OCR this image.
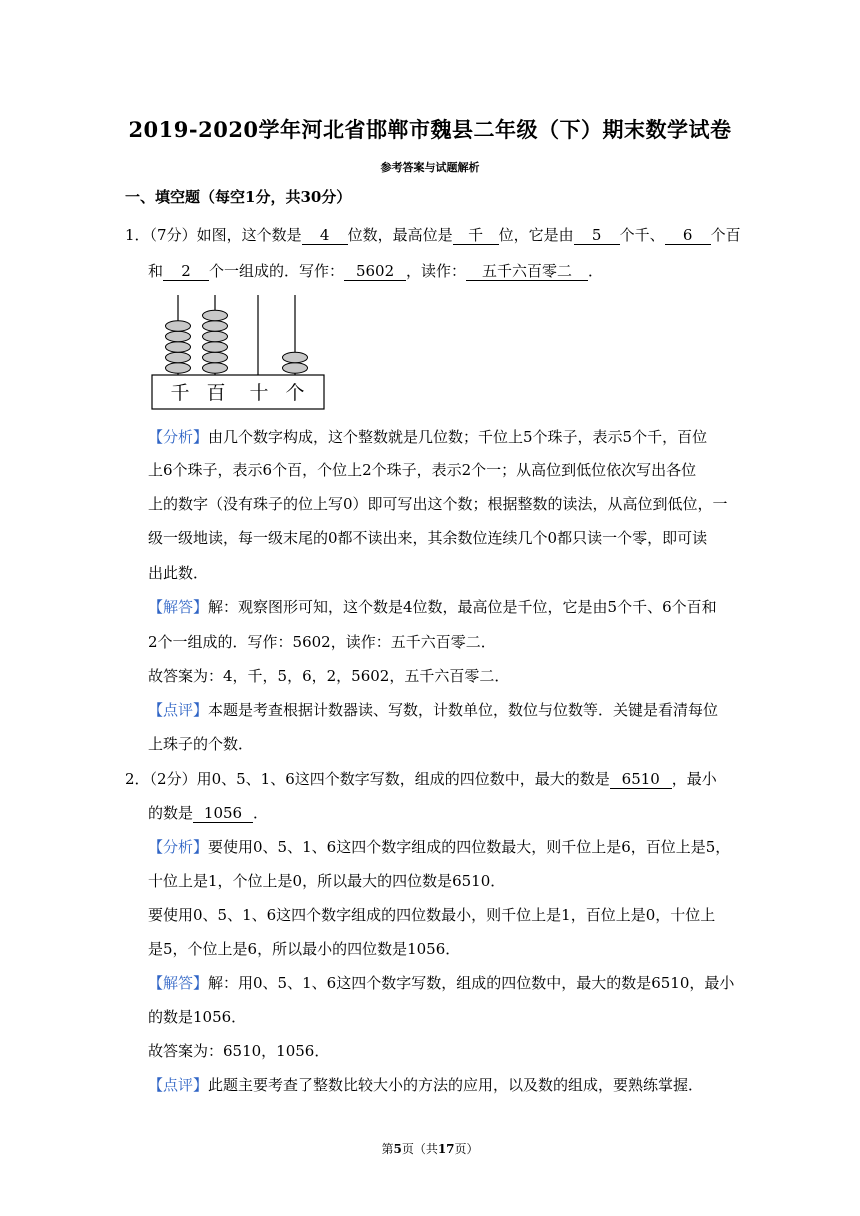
2019-2020学年河北省邯郸市魏县二年级（下）期末数学试卷
参考答案与试题解析
一、填空题（每空1分，共30分）
1．（7分）如图，这个数是 4 位数，最高位是 千 位，它是由 5 个千、 6 个百
和 2 个一组成的．写作： 5602 ，读作： 五千六百零二 ．
千 百 十 个
【分析】由几个数字构成，这个整数就是几位数；千位上5个珠子，表示5个千，百位
上6个珠子，表示6个百，个位上2个珠子，表示2个一；从高位到低位依次写出各位
上的数字（没有珠子的位上写0）即可写出这个数；根据整数的读法，从高位到低位，一
级一级地读，每一级末尾的0都不读出来，其余数位连续几个0都只读一个零，即可读
出此数．
【解答】解：观察图形可知，这个数是4位数，最高位是千位，它是由5个千、6个百和
2个一组成的．写作：5602，读作：五千六百零二．
故答案为：4，千，5，6，2，5602，五千六百零二．
【点评】本题是考查根据计数器读、写数，计数单位，数位与位数等．关键是看清每位
上珠子的个数．
2．（2分）用0、5、1、6这四个数字写数，组成的四位数中，最大的数是 6510 ，最小
的数是 1056 ．
【分析】要使用0、5、1、6这四个数字组成的四位数最大，则千位上是6，百位上是5，
十位上是1，个位上是0，所以最大的四位数是6510．
要使用0、5、1、6这四个数字组成的四位数最小，则千位上是1，百位上是0，十位上
是5，个位上是6，所以最小的四位数是1056．
【解答】解：用0、5、1、6这四个数字写数，组成的四位数中，最大的数是6510，最小
的数是1056．
故答案为：6510，1056．
【点评】此题主要考查了整数比较大小的方法的应用，以及数的组成，要熟练掌握．
第5页（共17页）
